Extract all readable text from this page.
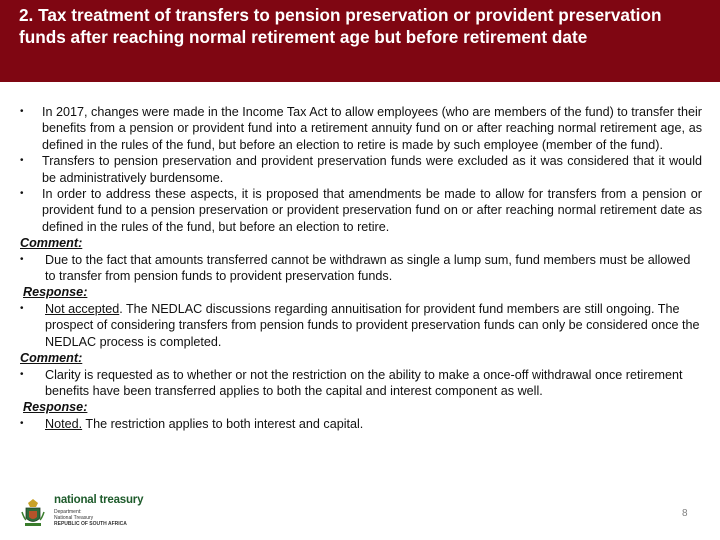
2. Tax treatment of transfers to pension preservation or provident preservation funds after reaching normal retirement age but before retirement date
• In 2017, changes were made in the Income Tax Act to allow employees (who are members of the fund) to transfer their benefits from a pension or provident fund into a retirement annuity fund on or after reaching normal retirement age, as defined in the rules of the fund, but before an election to retire is made by such employee (member of the fund).
• Transfers to pension preservation and provident preservation funds were excluded as it was considered that it would be administratively burdensome.
• In order to address these aspects, it is proposed that amendments be made to allow for transfers from a pension or provident fund to a pension preservation or provident preservation fund on or after reaching normal retirement date as defined in the rules of the fund, but before an election to retire.
Comment:
• Due to the fact that amounts transferred cannot be withdrawn as single a lump sum, fund members must be allowed to transfer from pension funds to provident preservation funds.
Response:
• Not accepted. The NEDLAC discussions regarding annuitisation for provident fund members are still ongoing. The prospect of considering transfers from pension funds to provident preservation funds can only be considered once the NEDLAC process is completed.
Comment:
• Clarity is requested as to whether or not the restriction on the ability to make a once-off withdrawal once retirement benefits have been transferred applies to both the capital and interest component as well.
Response:
• Noted. The restriction applies to both interest and capital.
national treasury
Department:
National Treasury
REPUBLIC OF SOUTH AFRICA
8
